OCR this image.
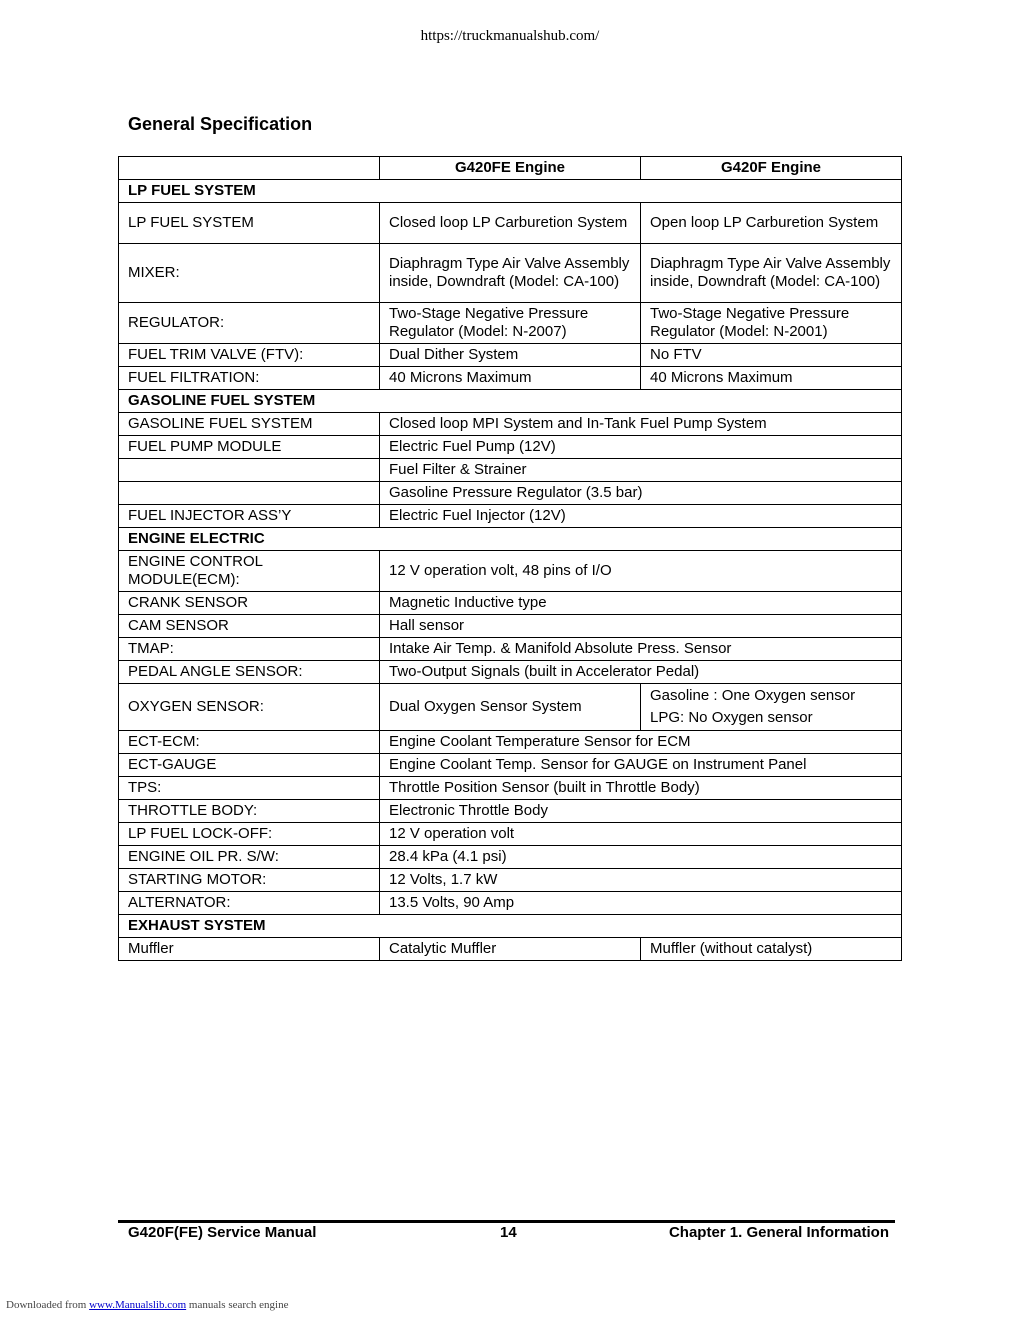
https://truckmanualshub.com/
General Specification
	G420FE Engine	G420F Engine
LP FUEL SYSTEM		
LP FUEL SYSTEM	Closed loop LP Carburetion System	Open loop LP Carburetion System
MIXER:	Diaphragm Type Air Valve Assembly inside, Downdraft (Model: CA-100)	Diaphragm Type Air Valve Assembly inside, Downdraft (Model: CA-100)
REGULATOR:	Two-Stage Negative Pressure Regulator (Model: N-2007)	Two-Stage Negative Pressure Regulator (Model: N-2001)
FUEL TRIM VALVE (FTV):	Dual Dither System	No FTV
FUEL FILTRATION:	40 Microns Maximum	40 Microns Maximum
GASOLINE FUEL SYSTEM		
GASOLINE FUEL SYSTEM	Closed loop MPI System and In-Tank Fuel Pump System	
FUEL PUMP MODULE	Electric Fuel Pump (12V)	
	Fuel Filter & Strainer	
	Gasoline Pressure Regulator (3.5 bar)	
FUEL INJECTOR ASS’Y	Electric Fuel Injector (12V)	
ENGINE ELECTRIC		
ENGINE CONTROL MODULE(ECM):	12 V operation volt, 48 pins of I/O	
CRANK SENSOR	Magnetic Inductive type	
CAM SENSOR	Hall sensor	
TMAP:	Intake Air Temp. & Manifold Absolute Press. Sensor	
PEDAL ANGLE SENSOR:	Two-Output Signals (built in Accelerator Pedal)	
OXYGEN SENSOR:	Dual Oxygen Sensor System	Gasoline : One Oxygen sensor
LPG: No Oxygen sensor

ECT-ECM:	Engine Coolant Temperature Sensor for ECM	
ECT-GAUGE	Engine Coolant Temp. Sensor for GAUGE on Instrument Panel	
TPS:	Throttle Position Sensor (built in Throttle Body)	
THROTTLE BODY:	Electronic Throttle Body	
LP FUEL LOCK-OFF:	12 V operation volt	
ENGINE OIL PR. S/W:	28.4 kPa (4.1 psi)	
STARTING MOTOR:	12 Volts, 1.7 kW	
ALTERNATOR:	13.5 Volts, 90 Amp	
EXHAUST SYSTEM		
Muffler	Catalytic Muffler	Muffler (without catalyst)
G420F(FE) Service Manual	14	Chapter 1. General Information
Downloaded from www.Manualslib.com manuals search engine
